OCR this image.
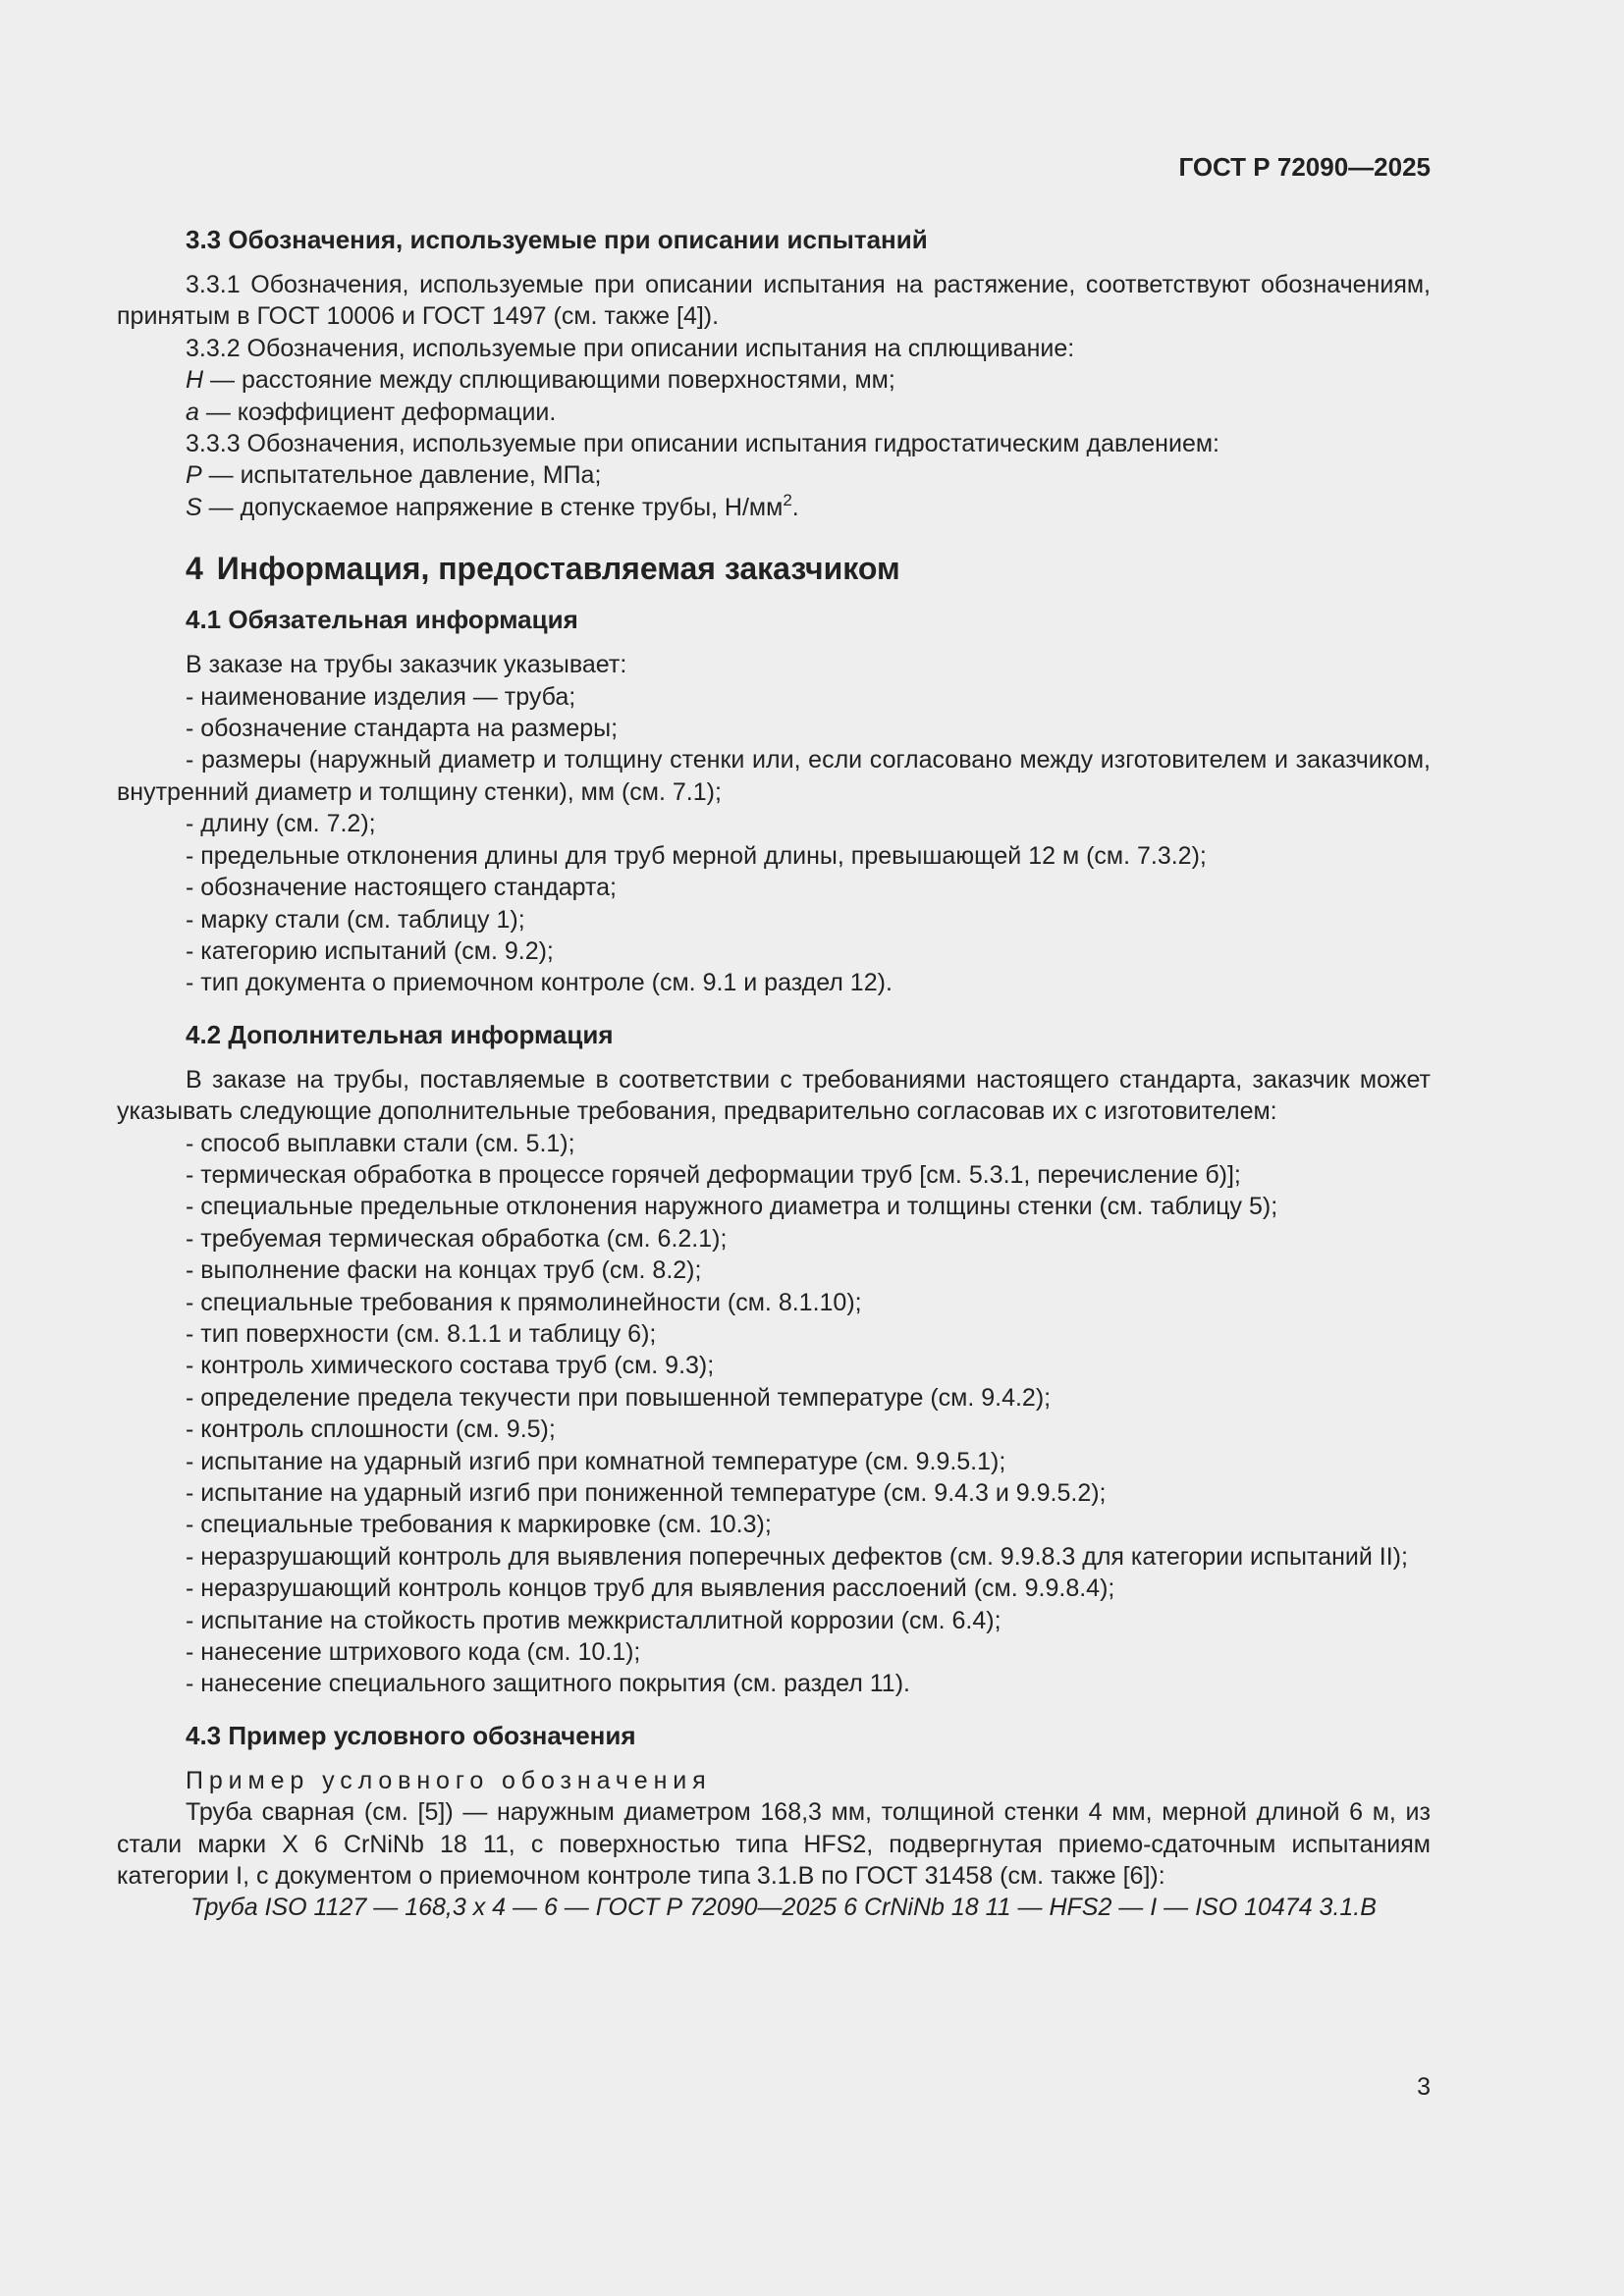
ГОСТ Р 72090—2025
3.3 Обозначения, используемые при описании испытаний

3.3.1 Обозначения, используемые при описании испытания на растяжение, соответствуют обозначениям, принятым в ГОСТ 10006 и ГОСТ 1497 (см. также [4]).

3.3.2 Обозначения, используемые при описании испытания на сплющивание:

H — расстояние между сплющивающими поверхностями, мм;

a — коэффициент деформации.

3.3.3 Обозначения, используемые при описании испытания гидростатическим давлением:

P — испытательное давление, МПа;

S — допускаемое напряжение в стенке трубы, $Н/мм^2$.

4 Информация, предоставляемая заказчиком
4.1 Обязательная информация

В заказе на трубы заказчик указывает:

- наименование изделия — труба;

- обозначение стандарта на размеры;

- размеры (наружный диаметр и толщину стенки или, если согласовано между изготовителем и заказчиком, внутренний диаметр и толщину стенки), мм (см. 7.1);

- длину (см. 7.2);

- предельные отклонения длины для труб мерной длины, превышающей 12 м (см. 7.3.2);

- обозначение настоящего стандарта;

- марку стали (см. таблицу 1);

- категорию испытаний (см. 9.2);

- тип документа о приемочном контроле (см. 9.1 и раздел 12).

4.2 Дополнительная информация

В заказе на трубы, поставляемые в соответствии с требованиями настоящего стандарта, заказчик может указывать следующие дополнительные требования, предварительно согласовав их с изготовителем:

- способ выплавки стали (см. 5.1);

- термическая обработка в процессе горячей деформации труб [см. 5.3.1, перечисление б)];

- специальные предельные отклонения наружного диаметра и толщины стенки (см. таблицу 5);

- требуемая термическая обработка (см. 6.2.1);

- выполнение фаски на концах труб (см. 8.2);

- специальные требования к прямолинейности (см. 8.1.10);

- тип поверхности (см. 8.1.1 и таблицу 6);

- контроль химического состава труб (см. 9.3);

- определение предела текучести при повышенной температуре (см. 9.4.2);

- контроль сплошности (см. 9.5);

- испытание на ударный изгиб при комнатной температуре (см. 9.9.5.1);

- испытание на ударный изгиб при пониженной температуре (см. 9.4.3 и 9.9.5.2);

- специальные требования к маркировке (см. 10.3);

- неразрушающий контроль для выявления поперечных дефектов (см. 9.9.8.3 для категории испытаний II);

- неразрушающий контроль концов труб для выявления расслоений (см. 9.9.8.4);

- испытание на стойкость против межкристаллитной коррозии (см. 6.4);

- нанесение штрихового кода (см. 10.1);

- нанесение специального защитного покрытия (см. раздел 11).

4.3 Пример условного обозначения

Пример условного обозначения

Труба сварная (см. [5]) — наружным диаметром 168,3 мм, толщиной стенки 4 мм, мерной длиной 6 м, из стали марки X 6 CrNiNb 18 11, с поверхностью типа HFS2, подвергнутая приемо-сдаточным испытаниям категории I, с документом о приемочном контроле типа 3.1.В по ГОСТ 31458 (см. также [6]):

Труба ISO 1127 — 168,3 x 4 — 6 — ГОСТ Р 72090—2025 6 CrNiNb 18 11 — HFS2 — I — ISO 10474 3.1.B

3
